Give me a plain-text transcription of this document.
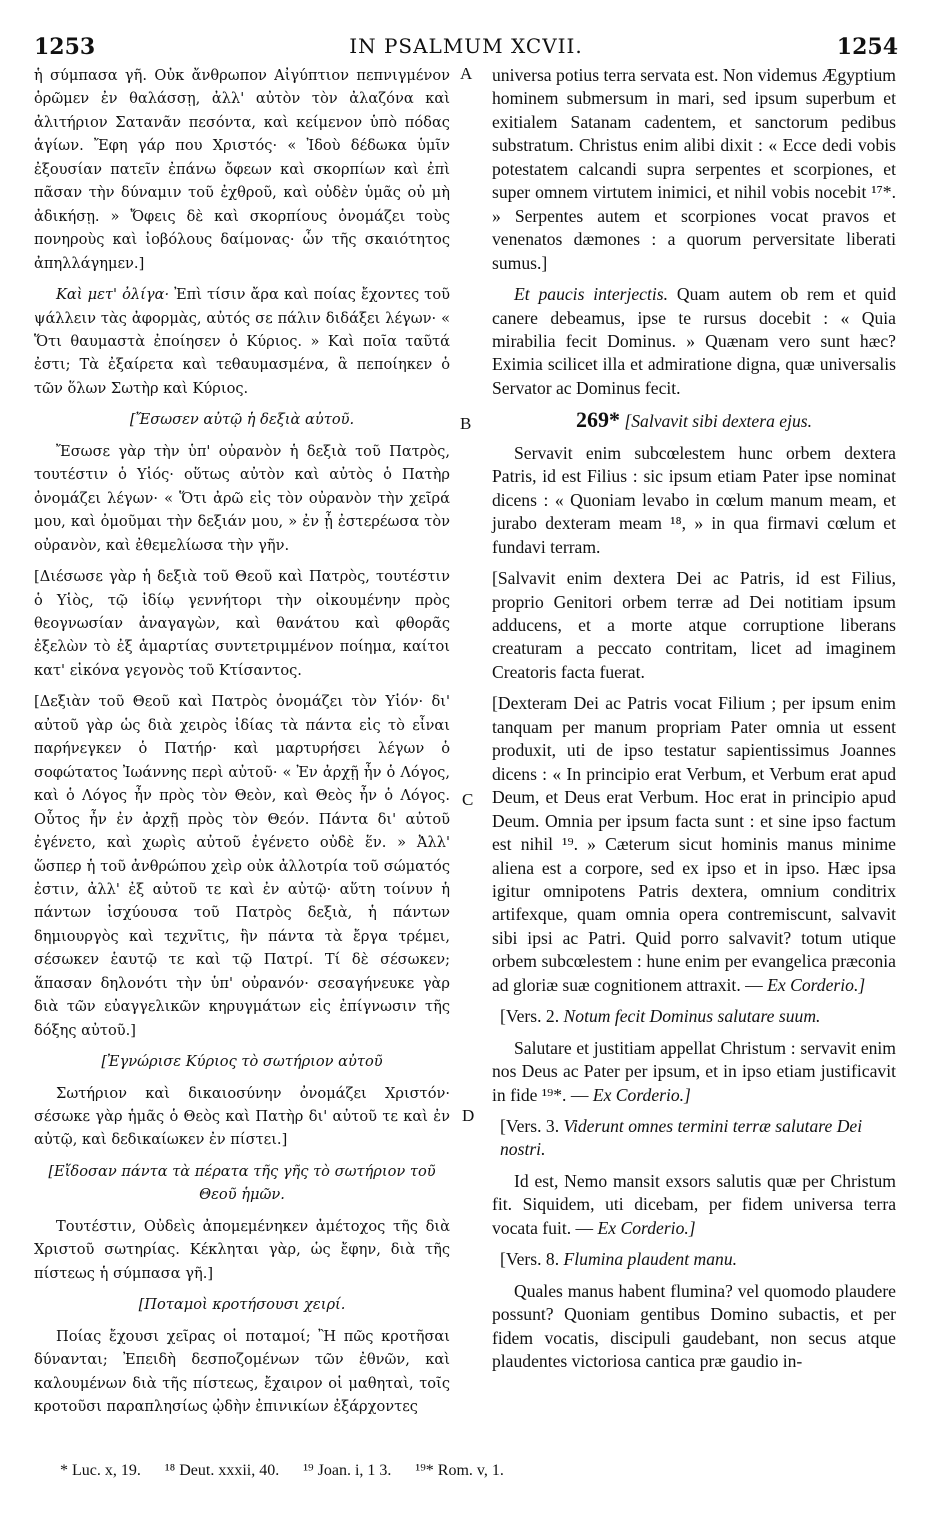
1253	IN PSALMUM XCVII.	1254
A
B
C
D

ἡ σύμπασα γῆ. Οὐκ ἄνθρωπον Αἰγύπτιον πεπνιγμένον ὁρῶμεν ἐν θαλάσσῃ, ἀλλ' αὐτὸν τὸν ἀλαζόνα καὶ ἀλιτήριον Σατανᾶν πεσόντα, καὶ κείμενον ὑπὸ πόδας ἁγίων. Ἔφη γάρ που Χριστός· « Ἰδοὺ δέδωκα ὑμῖν ἐξουσίαν πατεῖν ἐπάνω ὄφεων καὶ σκορπίων καὶ ἐπὶ πᾶσαν τὴν δύναμιν τοῦ ἐχθροῦ, καὶ οὐδὲν ὑμᾶς οὐ μὴ ἀδικήσῃ. » Ὄφεις δὲ καὶ σκορπίους ὀνομάζει τοὺς πονηροὺς καὶ ἰοβόλους δαίμονας· ὧν τῆς σκαιότητος ἀπηλλάγημεν.]

Καὶ μετ' ὀλίγα· Ἐπὶ τίσιν ἄρα καὶ ποίας ἔχοντες τοῦ ψάλλειν τὰς ἀφορμὰς, αὐτός σε πάλιν διδάξει λέγων· « Ὅτι θαυμαστὰ ἐποίησεν ὁ Κύριος. » Καὶ ποῖα ταῦτά ἐστι; Τὰ ἐξαίρετα καὶ τεθαυμασμένα, ἃ πεποίηκεν ὁ τῶν ὅλων Σωτὴρ καὶ Κύριος.

[Ἔσωσεν αὐτῷ ἡ δεξιὰ αὐτοῦ.

Ἔσωσε γὰρ τὴν ὑπ' οὐρανὸν ἡ δεξιὰ τοῦ Πατρὸς, τουτέστιν ὁ Υἱός· οὕτως αὐτὸν καὶ αὐτὸς ὁ Πατὴρ ὀνομάζει λέγων· « Ὅτι ἀρῶ εἰς τὸν οὐρανὸν τὴν χεῖρά μου, καὶ ὀμοῦμαι τὴν δεξιάν μου, » ἐν ᾗ ἐστερέωσα τὸν οὐρανὸν, καὶ ἐθεμελίωσα τὴν γῆν.

[Διέσωσε γὰρ ἡ δεξιὰ τοῦ Θεοῦ καὶ Πατρὸς, τουτέστιν ὁ Υἱὸς, τῷ ἰδίῳ γεννήτορι τὴν οἰκουμένην πρὸς θεογνωσίαν ἀναγαγὼν, καὶ θανάτου καὶ φθορᾶς ἐξελὼν τὸ ἐξ ἁμαρτίας συντετριμμένον ποίημα, καίτοι κατ' εἰκόνα γεγονὸς τοῦ Κτίσαντος.

[Δεξιὰν τοῦ Θεοῦ καὶ Πατρὸς ὀνομάζει τὸν Υἱόν· δι' αὐτοῦ γὰρ ὡς διὰ χειρὸς ἰδίας τὰ πάντα εἰς τὸ εἶναι παρήνεγκεν ὁ Πατήρ· καὶ μαρτυρήσει λέγων ὁ σοφώτατος Ἰωάννης περὶ αὐτοῦ· « Ἐν ἀρχῇ ἦν ὁ Λόγος, καὶ ὁ Λόγος ἦν πρὸς τὸν Θεὸν, καὶ Θεὸς ἦν ὁ Λόγος. Οὗτος ἦν ἐν ἀρχῇ πρὸς τὸν Θεόν. Πάντα δι' αὐτοῦ ἐγένετο, καὶ χωρὶς αὐτοῦ ἐγένετο οὐδὲ ἕν. » Ἀλλ' ὥσπερ ἡ τοῦ ἀνθρώπου χεὶρ οὐκ ἀλλοτρία τοῦ σώματός ἐστιν, ἀλλ' ἐξ αὐτοῦ τε καὶ ἐν αὐτῷ· αὕτη τοίνυν ἡ πάντων ἰσχύουσα τοῦ Πατρὸς δεξιὰ, ἡ πάντων δημιουργὸς καὶ τεχνῖτις, ἣν πάντα τὰ ἔργα τρέμει, σέσωκεν ἑαυτῷ τε καὶ τῷ Πατρί. Τί δὲ σέσωκεν; ἅπασαν δηλονότι τὴν ὑπ' οὐρανόν· σεσαγήνευκε γὰρ διὰ τῶν εὐαγγελικῶν κηρυγμάτων εἰς ἐπίγνωσιν τῆς δόξης αὐτοῦ.]

[Ἐγνώρισε Κύριος τὸ σωτήριον αὐτοῦ

Σωτήριον καὶ δικαιοσύνην ὀνομάζει Χριστόν· σέσωκε γὰρ ἡμᾶς ὁ Θεὸς καὶ Πατὴρ δι' αὐτοῦ τε καὶ ἐν αὐτῷ, καὶ δεδικαίωκεν ἐν πίστει.]

[Εἴδοσαν πάντα τὰ πέρατα τῆς γῆς τὸ σωτήριον τοῦ Θεοῦ ἡμῶν.

Τουτέστιν, Οὐδεὶς ἀπομεμένηκεν ἀμέτοχος τῆς διὰ Χριστοῦ σωτηρίας. Κέκληται γὰρ, ὡς ἔφην, διὰ τῆς πίστεως ἡ σύμπασα γῆ.]

[Ποταμοὶ κροτήσουσι χειρί.

Ποίας ἔχουσι χεῖρας οἱ ποταμοί; Ἢ πῶς κροτῆσαι δύνανται; Ἐπειδὴ δεσποζομένων τῶν ἐθνῶν, καὶ καλουμένων διὰ τῆς πίστεως, ἔχαιρον οἱ μαθηταὶ, τοῖς κροτοῦσι παραπλησίως ᾠδὴν ἐπινικίων ἐξάρχοντες

universa potius terra servata est. Non videmus Ægyptium hominem submersum in mari, sed ipsum superbum et exitialem Satanam cadentem, et sanctorum pedibus substratum. Christus enim alibi dixit : « Ecce dedi vobis potestatem calcandi supra serpentes et scorpiones, et super omnem virtutem inimici, et nihil vobis nocebit ¹⁷*. » Serpentes autem et scorpiones vocat pravos et venenatos dæmones : a quorum perversitate liberati sumus.]

Et paucis interjectis. Quam autem ob rem et quid canere debeamus, ipse te rursus docebit : « Quia mirabilia fecit Dominus. » Quænam vero sunt hæc? Eximia scilicet illa et admiratione digna, quæ universalis Servator ac Dominus fecit.

269* [Salvavit sibi dextera ejus.

Servavit enim subcœlestem hunc orbem dextera Patris, id est Filius : sic ipsum etiam Pater ipse nominat dicens : « Quoniam levabo in cœlum manum meam, et jurabo dexteram meam ¹⁸, » in qua firmavi cœlum et fundavi terram.

[Salvavit enim dextera Dei ac Patris, id est Filius, proprio Genitori orbem terræ ad Dei notitiam ipsum adducens, et a morte atque corruptione liberans creaturam a peccato contritam, licet ad imaginem Creatoris facta fuerat.

[Dexteram Dei ac Patris vocat Filium ; per ipsum enim tanquam per manum propriam Pater omnia ut essent produxit, uti de ipso testatur sapientissimus Joannes dicens : « In principio erat Verbum, et Verbum erat apud Deum, et Deus erat Verbum. Hoc erat in principio apud Deum. Omnia per ipsum facta sunt : et sine ipso factum est nihil ¹⁹. » Cæterum sicut hominis manus minime aliena est a corpore, sed ex ipso et in ipso. Hæc ipsa igitur omnipotens Patris dextera, omnium conditrix artifexque, quam omnia opera contremiscunt, salvavit sibi ipsi ac Patri. Quid porro salvavit? totum utique orbem subcœlestem : hune enim per evangelica præconia ad gloriæ suæ cognitionem attraxit. — Ex Corderio.]

[Vers. 2. Notum fecit Dominus salutare suum.

Salutare et justitiam appellat Christum : servavit enim nos Deus ac Pater per ipsum, et in ipso etiam justificavit in fide ¹⁹*. — Ex Corderio.]

[Vers. 3. Viderunt omnes termini terræ salutare Dei nostri.

Id est, Nemo mansit exsors salutis quæ per Christum fit. Siquidem, uti dicebam, per fidem universa terra vocata fuit. — Ex Corderio.]

[Vers. 8. Flumina plaudent manu.

Quales manus habent flumina? vel quomodo plaudere possunt? Quoniam gentibus Domino subactis, et per fidem vocatis, discipuli gaudebant, non secus atque plaudentes victoriosa cantica præ gaudio in-

* Luc. x, 19. ¹⁸ Deut. xxxii, 40. ¹⁹ Joan. i, 1 3. ¹⁹* Rom. v, 1.
